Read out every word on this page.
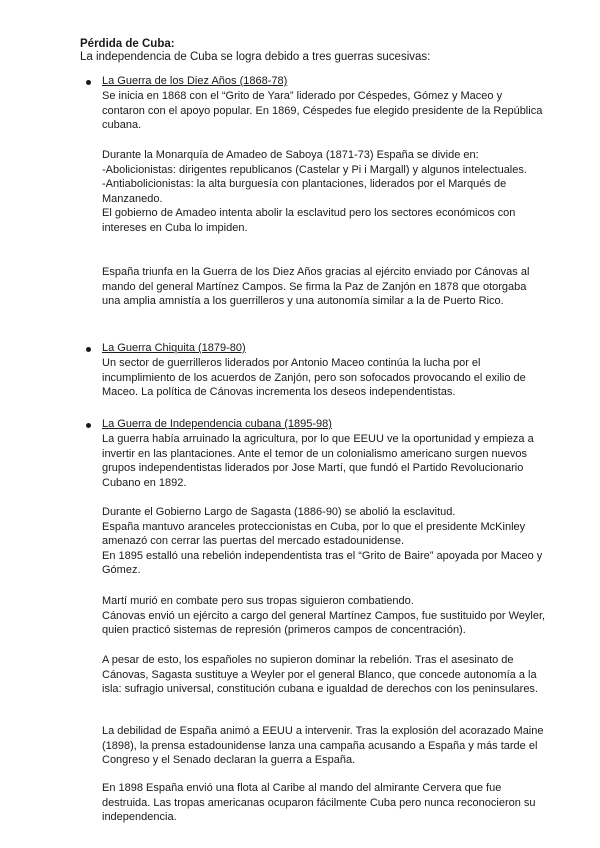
Pérdida de Cuba:
La independencia de Cuba se logra debido a tres guerras sucesivas:
La Guerra de los Diez Años (1868-78)

Se inicia en 1868 con el “Grito de Yara” liderado por Céspedes, Gómez y Maceo y contaron con el apoyo popular. En 1869, Céspedes fue elegido presidente de la República cubana.

Durante la Monarquía de Amadeo de Saboya (1871-73) España se divide en:

-Abolicionistas: dirigentes republicanos (Castelar y Pi i Margall) y algunos intelectuales.

-Antiabolicionistas: la alta burguesía con plantaciones, liderados por el Marqués de Manzanedo.

El gobierno de Amadeo intenta abolir la esclavitud pero los sectores económicos con intereses en Cuba lo impiden.

España triunfa en la Guerra de los Diez Años gracias al ejército enviado por Cánovas al mando del general Martínez Campos. Se firma la Paz de Zanjón en 1878 que otorgaba una amplia amnistía a los guerrilleros y una autonomía similar a la de Puerto Rico.

La Guerra Chiquita (1879-80)

Un sector de guerrilleros liderados por Antonio Maceo continúa la lucha por el incumplimiento de los acuerdos de Zanjón, pero son sofocados provocando el exilio de Maceo. La política de Cánovas incrementa los deseos independentistas.

La Guerra de Independencia cubana (1895-98)

La guerra había arruinado la agricultura, por lo que EEUU ve la oportunidad y empieza a invertir en las plantaciones. Ante el temor de un colonialismo americano surgen nuevos grupos independentistas liderados por Jose Martí, que fundó el Partido Revolucionario Cubano en 1892.

Durante el Gobierno Largo de Sagasta (1886-90) se abolió la esclavitud.

España mantuvo aranceles proteccionistas en Cuba, por lo que el presidente McKinley amenazó con cerrar las puertas del mercado estadounidense.

En 1895 estalló una rebelión independentista tras el “Grito de Baire” apoyada por Maceo y Gómez.

Martí murió en combate pero sus tropas siguieron combatiendo.

Cánovas envió un ejército a cargo del general Martínez Campos, fue sustituido por Weyler, quien practicó sistemas de represión (primeros campos de concentración).

A pesar de esto, los españoles no supieron dominar la rebelión. Tras el asesinato de Cánovas, Sagasta sustituye a Weyler por el general Blanco, que concede autonomía a la isla: sufragio universal, constitución cubana e igualdad de derechos con los peninsulares.

La debilidad de España animó a EEUU a intervenir. Tras la explosión del acorazado Maine (1898), la prensa estadounidense lanza una campaña acusando a España y más tarde el Congreso y el Senado declaran la guerra a España.

En 1898 España envió una flota al Caribe al mando del almirante Cervera que fue destruida. Las tropas americanas ocuparon fácilmente Cuba pero nunca reconocieron su independencia.
